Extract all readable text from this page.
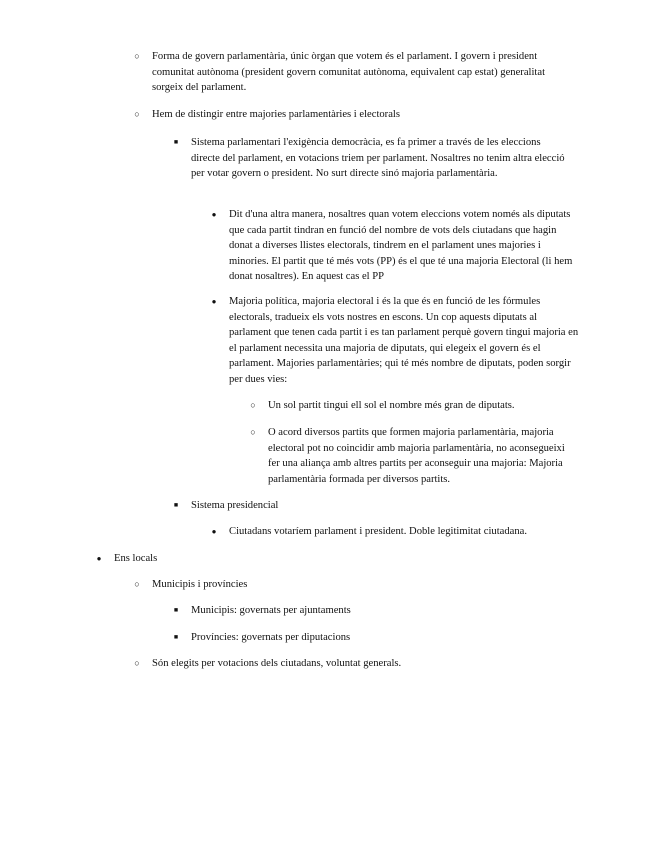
○ Forma de govern parlamentària, únic òrgan que votem és el parlament. I govern i president comunitat autònoma (president govern comunitat autònoma, equivalent cap estat) generalitat sorgeix del parlament.
○ Hem de distingir entre majories parlamentàries i electorals
■ Sistema parlamentari l'exigència democràcia, es fa primer a través de les eleccions directe del parlament, en votacions triem per parlament. Nosaltres no tenim altra elecció per votar govern o president. No surt directe sinó majoria parlamentària.
● Dit d'una altra manera, nosaltres quan votem eleccions votem només als diputats que cada partit tindran en funció del nombre de vots dels ciutadans que hagin donat a diverses llistes electorals, tindrem en el parlament unes majories i minories. El partit que té més vots (PP) és el que té una majoria Electoral (li hem donat nosaltres). En aquest cas el PP
● Majoria política, majoria electoral i és la que és en funció de les fórmules electorals, tradueix els vots nostres en escons. Un cop aquests diputats al parlament que tenen cada partit i es tan parlament perquè govern tingui majoria en el parlament necessita una majoria de diputats, qui elegeix el govern és el parlament. Majories parlamentàries; qui té més nombre de diputats, poden sorgir per dues vies:
○ Un sol partit tingui ell sol el nombre més gran de diputats.
○ O acord diversos partits que formen majoria parlamentària, majoria electoral pot no coincidir amb majoria parlamentària, no aconsegueixi fer una aliança amb altres partits per aconseguir una majoria: Majoria parlamentària formada per diversos partits.
■ Sistema presidencial
● Ciutadans votaríem parlament i president. Doble legitimitat ciutadana.
● Ens locals
○ Municipis i províncies
■ Municipis: governats per ajuntaments
■ Províncies: governats per diputacions
○ Són elegits per votacions dels ciutadans, voluntat generals.
